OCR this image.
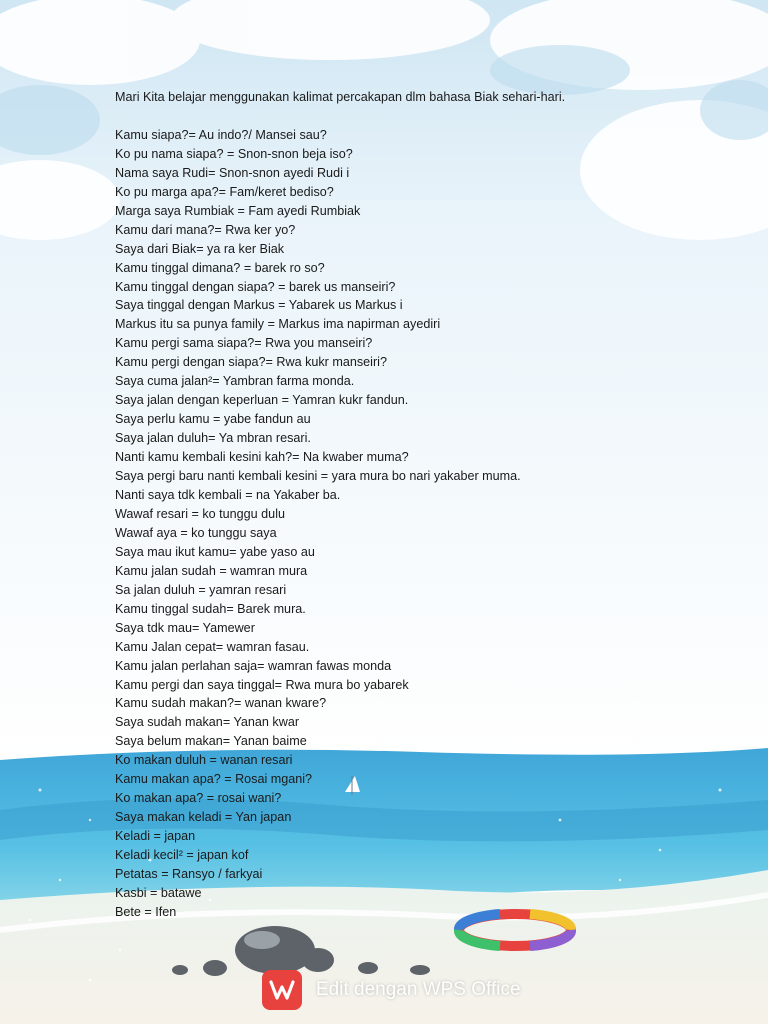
Mari Kita belajar menggunakan kalimat percakapan dlm bahasa Biak sehari-hari.
Kamu siapa?= Au indo?/ Mansei sau?
Ko pu nama siapa? = Snon-snon beja iso?
Nama saya Rudi= Snon-snon ayedi Rudi i
Ko pu marga apa?= Fam/keret bediso?
Marga saya Rumbiak = Fam ayedi Rumbiak
Kamu dari mana?= Rwa ker yo?
Saya dari Biak= ya ra ker Biak
Kamu tinggal dimana? = barek ro so?
Kamu tinggal dengan siapa? = barek us manseiri?
Saya tinggal dengan Markus = Yabarek us Markus i
Markus itu sa punya family = Markus ima napirman ayediri
Kamu pergi sama siapa?= Rwa you manseiri?
Kamu pergi dengan siapa?= Rwa kukr manseiri?
Saya cuma jalan²= Yambran farma monda.
Saya jalan dengan keperluan = Yamran kukr fandun.
Saya perlu kamu = yabe fandun au
Saya jalan duluh= Ya mbran resari.
Nanti kamu kembali kesini kah?= Na kwaber muma?
Saya pergi baru nanti kembali kesini = yara mura bo nari yakaber muma.
Nanti saya tdk kembali = na Yakaber ba.
Wawaf resari = ko tunggu dulu
Wawaf aya = ko tunggu saya
Saya mau ikut kamu= yabe yaso au
Kamu jalan sudah = wamran mura
Sa jalan duluh = yamran resari
Kamu tinggal sudah= Barek mura.
Saya tdk mau= Yamewer
Kamu Jalan cepat= wamran fasau.
Kamu jalan perlahan saja= wamran fawas monda
Kamu pergi dan saya tinggal= Rwa mura bo yabarek
Kamu sudah makan?= wanan kware?
Saya sudah makan= Yanan kwar
Saya belum makan= Yanan baime
Ko makan duluh = wanan resari
Kamu makan apa? = Rosai mgani?
Ko makan apa? = rosai wani?
Saya makan keladi = Yan japan
Keladi = japan
Keladi kecil² = japan kof
Petatas = Ransyo / farkyai
Kasbi = batawe
Bete = Ifen
Edit dengan WPS Office
